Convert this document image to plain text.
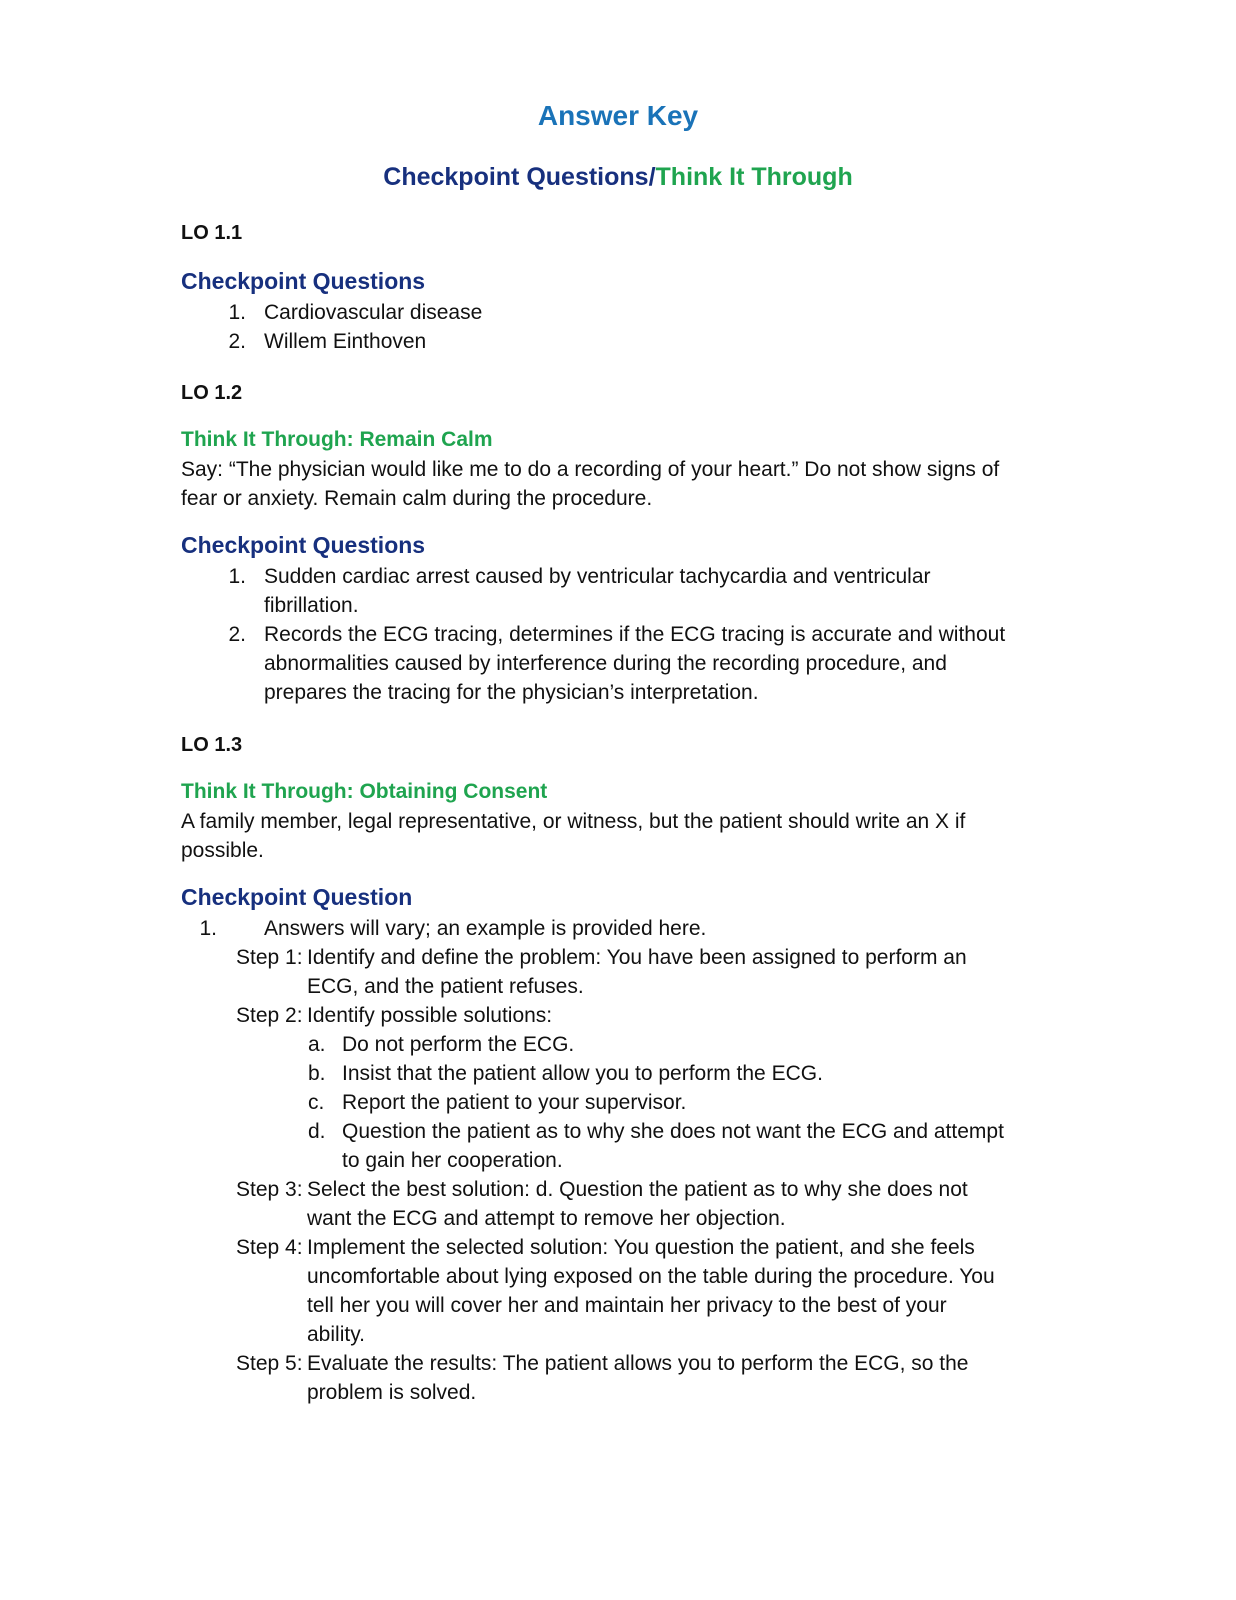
Answer Key
Checkpoint Questions/Think It Through
LO 1.1
Checkpoint Questions
1. Cardiovascular disease
2. Willem Einthoven
LO 1.2
Think It Through: Remain Calm
Say: “The physician would like me to do a recording of your heart.” Do not show signs of
fear or anxiety. Remain calm during the procedure.
Checkpoint Questions
1. Sudden cardiac arrest caused by ventricular tachycardia and ventricular
fibrillation.
2. Records the ECG tracing, determines if the ECG tracing is accurate and without
abnormalities caused by interference during the recording procedure, and
prepares the tracing for the physician’s interpretation.
LO 1.3
Think It Through: Obtaining Consent
A family member, legal representative, or witness, but the patient should write an X if
possible.
Checkpoint Question
1. Answers will vary; an example is provided here.
Step 1: Identify and define the problem: You have been assigned to perform an
ECG, and the patient refuses.
Step 2: Identify possible solutions:
a. Do not perform the ECG.
b. Insist that the patient allow you to perform the ECG.
c. Report the patient to your supervisor.
d. Question the patient as to why she does not want the ECG and attempt
to gain her cooperation.
Step 3: Select the best solution: d. Question the patient as to why she does not
want the ECG and attempt to remove her objection.
Step 4: Implement the selected solution: You question the patient, and she feels
uncomfortable about lying exposed on the table during the procedure. You
tell her you will cover her and maintain her privacy to the best of your
ability.
Step 5: Evaluate the results: The patient allows you to perform the ECG, so the
problem is solved.
